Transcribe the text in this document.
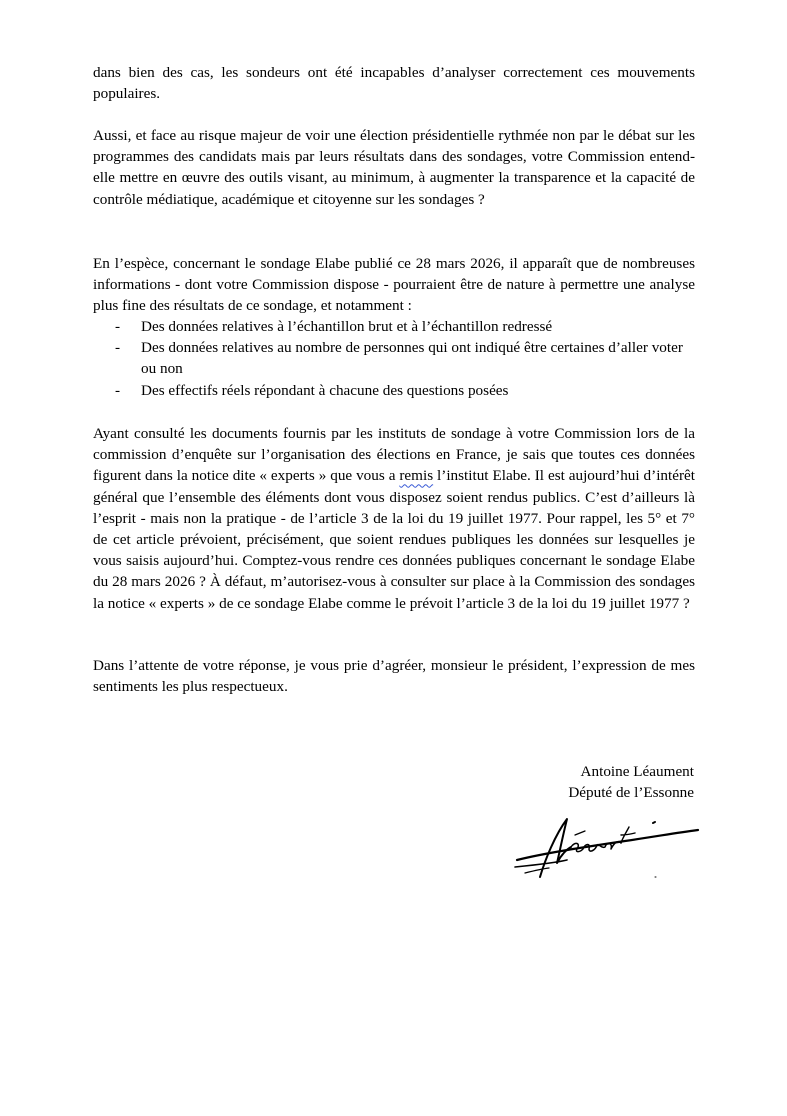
dans bien des cas, les sondeurs ont été incapables d’analyser correctement ces mouvements populaires.

Aussi, et face au risque majeur de voir une élection présidentielle rythmée non par le débat sur les programmes des candidats mais par leurs résultats dans des sondages, votre Commission entend-elle mettre en œuvre des outils visant, au minimum, à augmenter la transparence et la capacité de contrôle médiatique, académique et citoyenne sur les sondages ?

En l’espèce, concernant le sondage Elabe publié ce 28 mars 2026, il apparaît que de nombreuses informations - dont votre Commission dispose - pourraient être de nature à permettre une analyse plus fine des résultats de ce sondage, et notamment :

- Des données relatives à l’échantillon brut et à l’échantillon redressé
- Des données relatives au nombre de personnes qui ont indiqué être certaines d’aller voter ou non
- Des effectifs réels répondant à chacune des questions posées

Ayant consulté les documents fournis par les instituts de sondage à votre Commission lors de la commission d’enquête sur l’organisation des élections en France, je sais que toutes ces données figurent dans la notice dite « experts » que vous a remis l’institut Elabe. Il est aujourd’hui d’intérêt général que l’ensemble des éléments dont vous disposez soient rendus publics. C’est d’ailleurs là l’esprit - mais non la pratique - de l’article 3 de la loi du 19 juillet 1977. Pour rappel, les 5° et 7° de cet article prévoient, précisément, que soient rendues publiques les données sur lesquelles je vous saisis aujourd’hui. Comptez-vous rendre ces données publiques concernant le sondage Elabe du 28 mars 2026 ? À défaut, m’autorisez-vous à consulter sur place à la Commission des sondages la notice « experts » de ce sondage Elabe comme le prévoit l’article 3 de la loi du 19 juillet 1977 ?

Dans l’attente de votre réponse, je vous prie d’agréer, monsieur le président, l’expression de mes sentiments les plus respectueux.

Antoine Léaument
Député de l’Essonne
